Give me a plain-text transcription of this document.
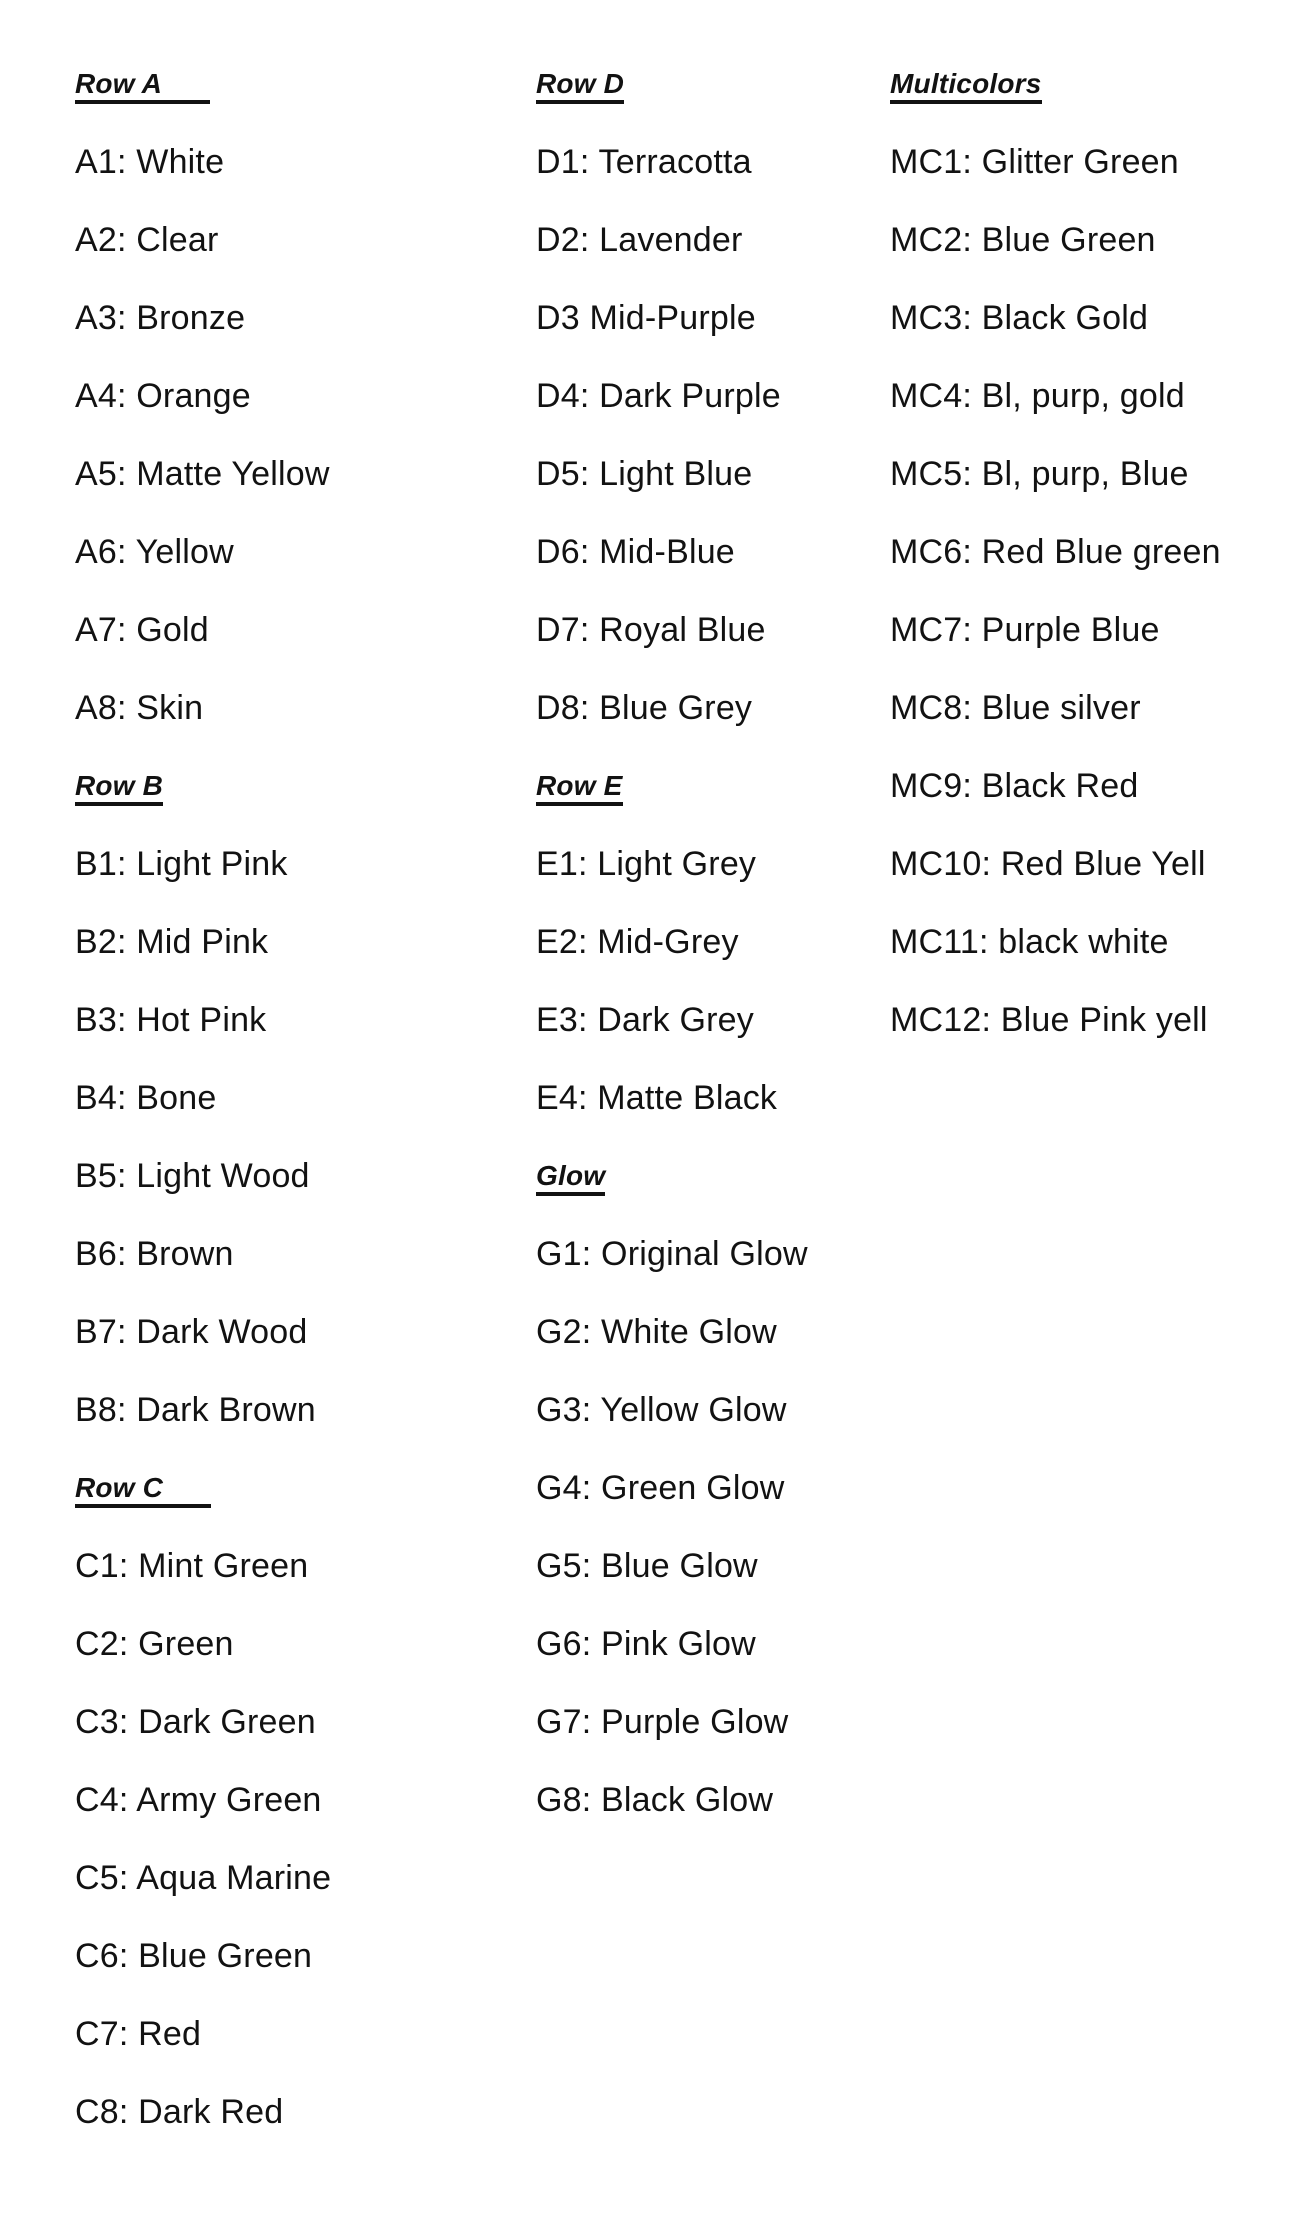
Row A
A1: White
A2: Clear
A3: Bronze
A4: Orange
A5: Matte Yellow
A6: Yellow
A7: Gold
A8: Skin
Row B
B1: Light Pink
B2: Mid Pink
B3: Hot Pink
B4: Bone
B5: Light Wood
B6: Brown
B7: Dark Wood
B8: Dark Brown
Row C
C1: Mint Green
C2: Green
C3: Dark Green
C4: Army Green
C5: Aqua Marine
C6: Blue Green
C7: Red
C8: Dark Red
Row D
D1: Terracotta
D2: Lavender
D3 Mid-Purple
D4: Dark Purple
D5: Light Blue
D6: Mid-Blue
D7: Royal Blue
D8: Blue Grey
Row E
E1: Light Grey
E2: Mid-Grey
E3: Dark Grey
E4: Matte Black
Glow
G1: Original Glow
G2: White Glow
G3: Yellow Glow
G4: Green Glow
G5: Blue Glow
G6: Pink Glow
G7: Purple Glow
G8: Black Glow
Multicolors
MC1: Glitter Green
MC2: Blue Green
MC3: Black Gold
MC4: Bl, purp, gold
MC5: Bl, purp, Blue
MC6: Red Blue green
MC7: Purple Blue
MC8: Blue silver
MC9: Black Red
MC10: Red Blue Yell
MC11: black white
MC12: Blue Pink yell
